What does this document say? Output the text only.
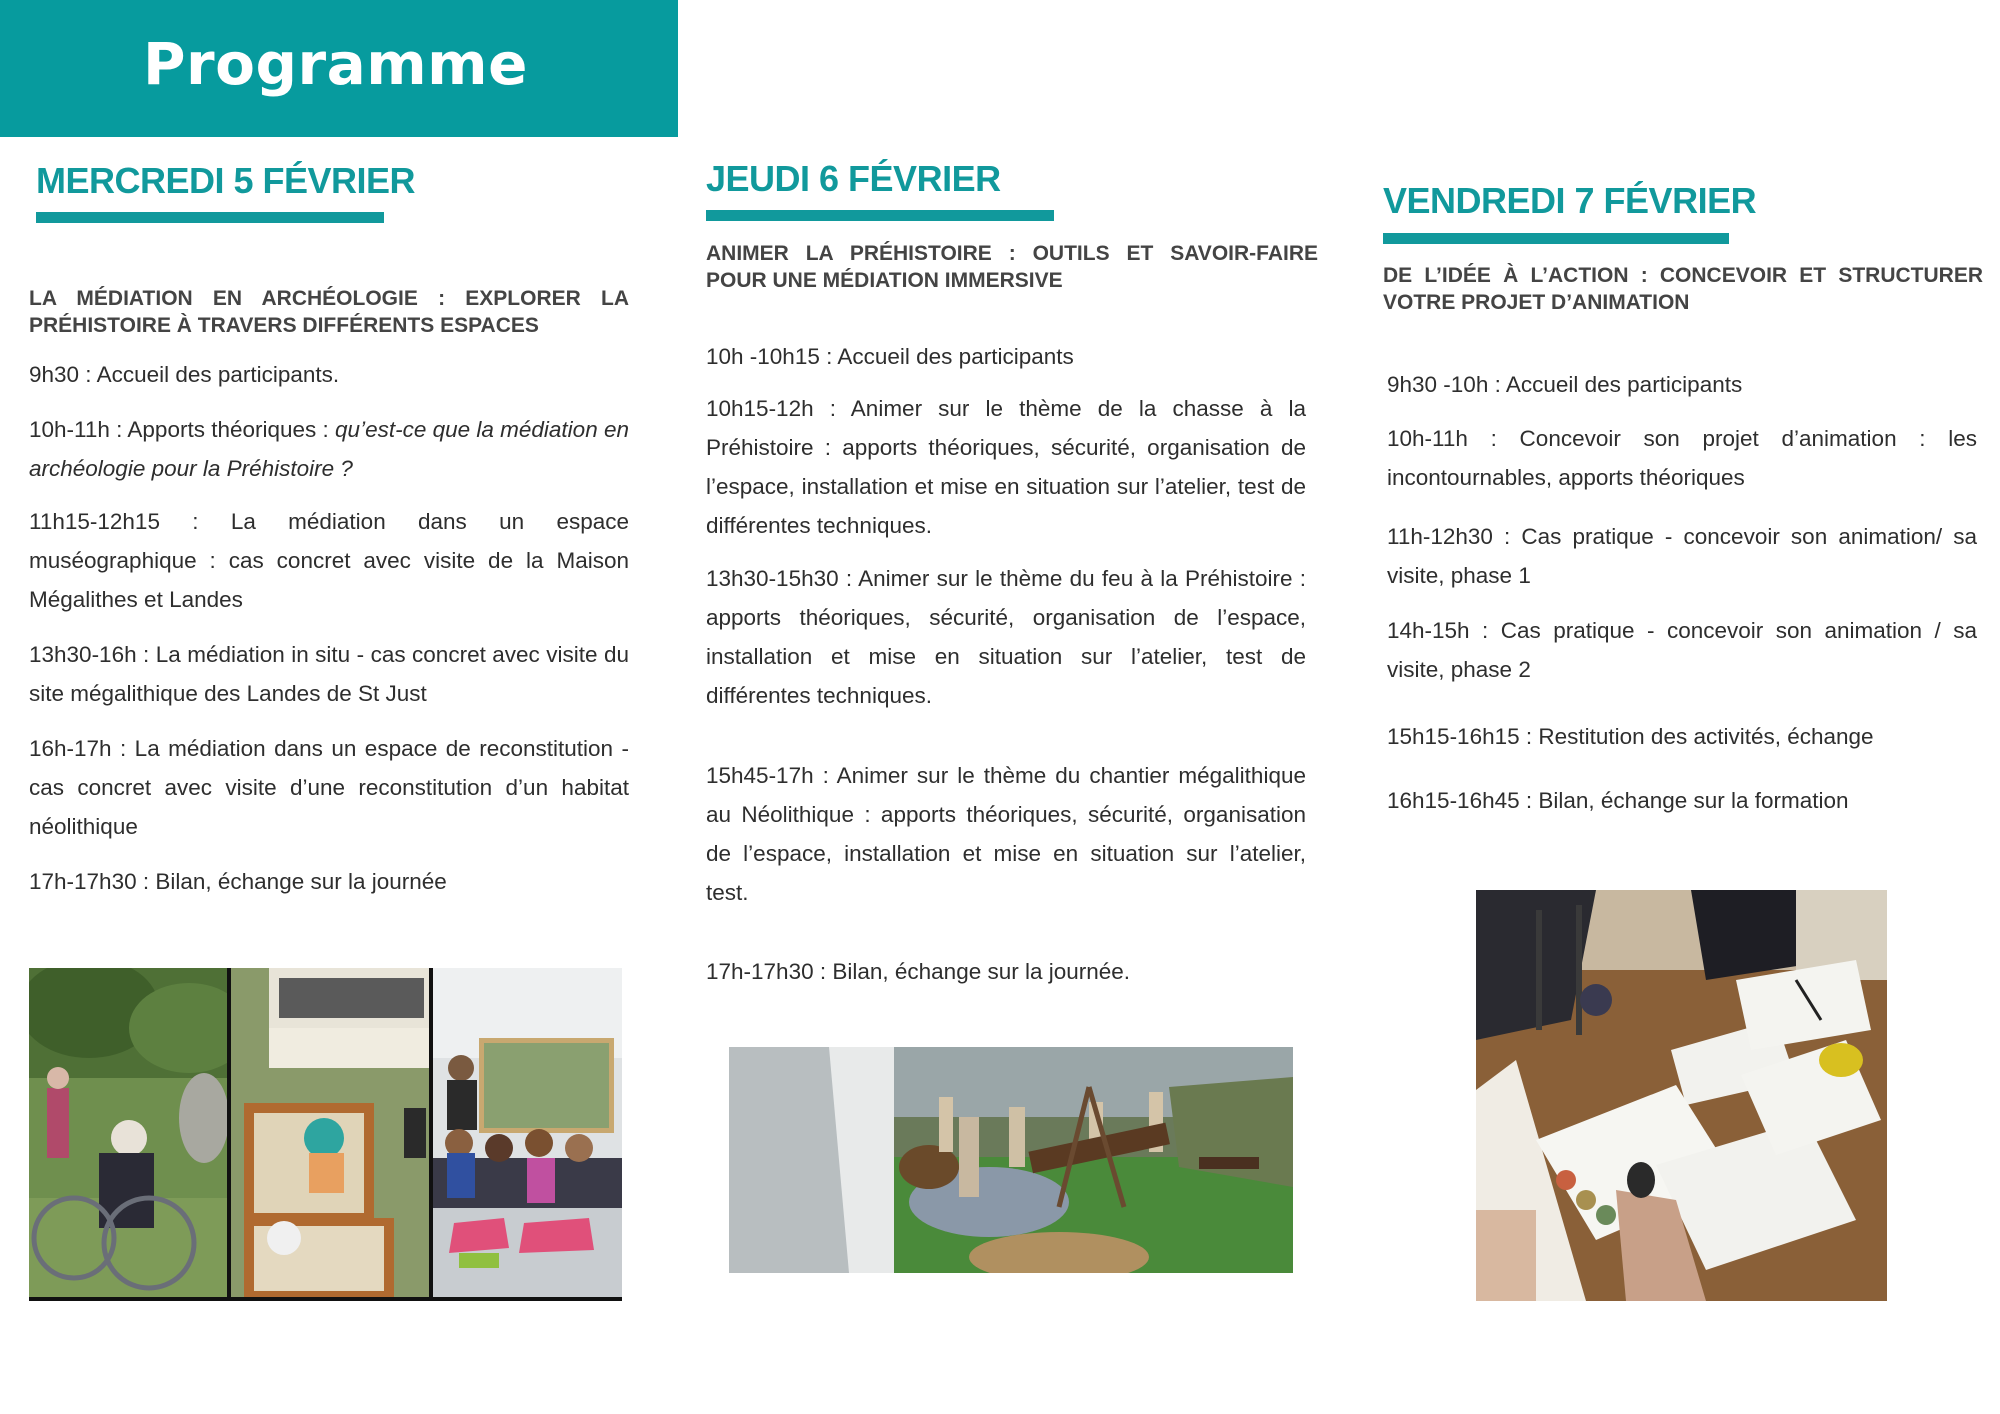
Programme
MERCREDI 5 FÉVRIER

LA MÉDIATION EN ARCHÉOLOGIE : EXPLORER LA PRÉHISTOIRE À TRAVERS DIFFÉRENTS ESPACES

9h30 : Accueil des participants.

10h-11h : Apports théoriques : qu’est-ce que la médiation en archéologie pour la Préhistoire ?

11h15-12h15 : La médiation dans un espace muséographique : cas concret avec visite de la Maison Mégalithes et Landes

13h30-16h : La médiation in situ - cas concret avec visite du site mégalithique des Landes de St Just

16h-17h : La médiation dans un espace de reconstitution - cas concret avec visite d’une reconstitution d’un habitat néolithique

17h-17h30 : Bilan, échange sur la journée

JEUDI 6 FÉVRIER

ANIMER LA PRÉHISTOIRE : OUTILS ET SAVOIR-FAIRE POUR UNE MÉDIATION IMMERSIVE

10h -10h15 : Accueil des participants

10h15-12h : Animer sur le thème de la chasse à la Préhistoire : apports théoriques, sécurité, organisation de l’espace, installation et mise en situation sur l’atelier, test de différentes techniques.

13h30-15h30 : Animer sur le thème du feu à la Préhistoire : apports théoriques, sécurité, organisation de l’espace, installation et mise en situation sur l’atelier, test de différentes techniques.

15h45-17h : Animer sur le thème du chantier mégalithique au Néolithique : apports théoriques, sécurité, organisation de l’espace, installation et mise en situation sur l’atelier, test.

17h-17h30 : Bilan, échange sur la journée.

VENDREDI 7 FÉVRIER

DE L’IDÉE À L’ACTION : CONCEVOIR ET STRUCTURER VOTRE PROJET D’ANIMATION

9h30 -10h : Accueil des participants

10h-11h : Concevoir son projet d’animation : les incontournables, apports théoriques

11h-12h30 : Cas pratique - concevoir son animation/ sa visite, phase 1

14h-15h : Cas pratique - concevoir son animation / sa visite, phase 2

15h15-16h15 : Restitution des activités, échange

16h15-16h45 : Bilan, échange sur la formation
